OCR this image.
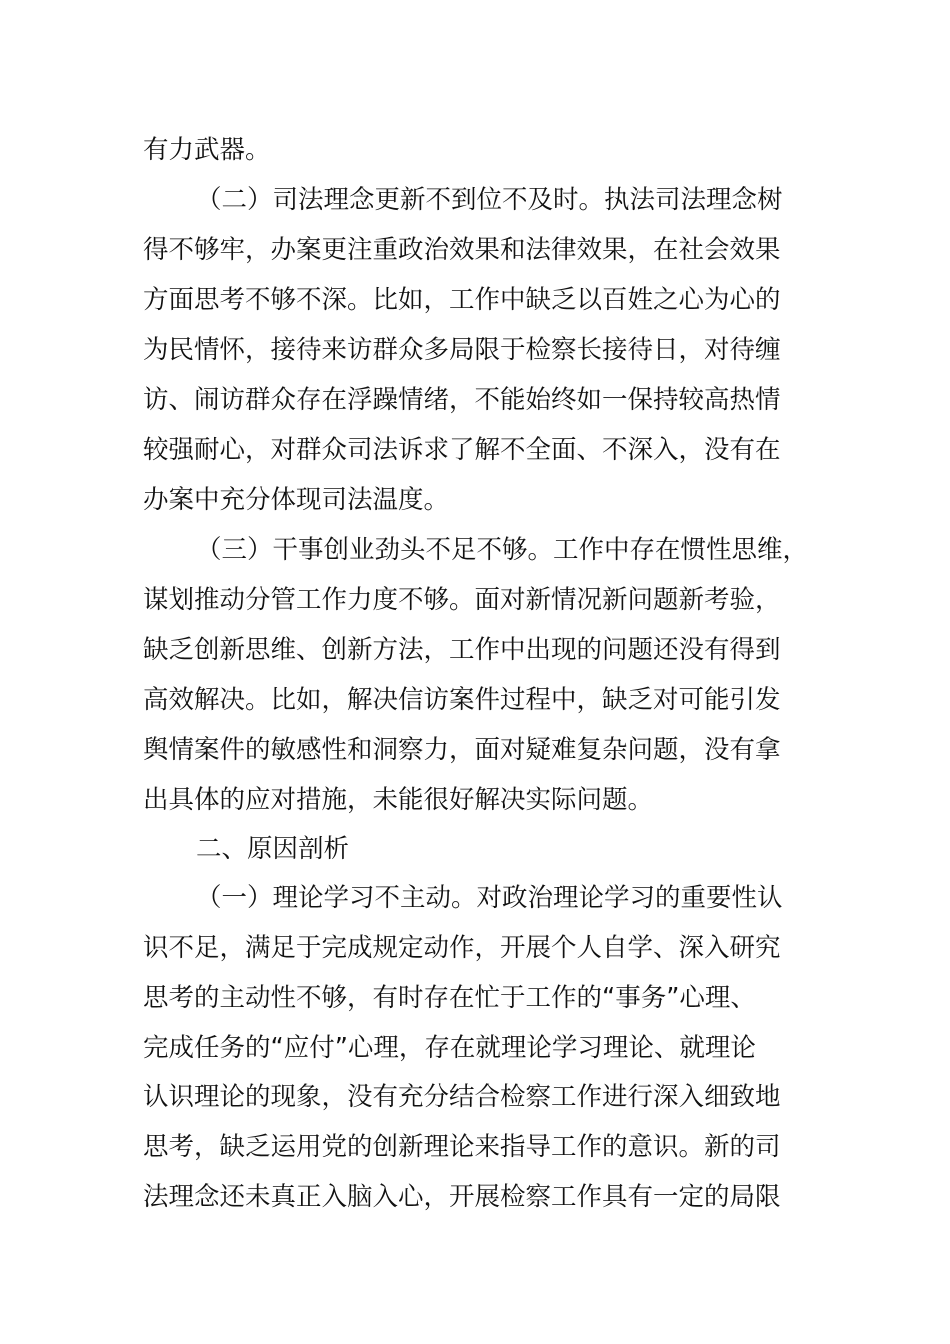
有力武器。
（二）司法理念更新不到位不及时。执法司法理念树
得不够牢，办案更注重政治效果和法律效果，在社会效果
方面思考不够不深。比如，工作中缺乏以百姓之心为心的
为民情怀，接待来访群众多局限于检察长接待日，对待缠
访、闹访群众存在浮躁情绪，不能始终如一保持较高热情
较强耐心，对群众司法诉求了解不全面、不深入，没有在
办案中充分体现司法温度。
（三）干事创业劲头不足不够。工作中存在惯性思维，
谋划推动分管工作力度不够。面对新情况新问题新考验，
缺乏创新思维、创新方法，工作中出现的问题还没有得到
高效解决。比如，解决信访案件过程中，缺乏对可能引发
舆情案件的敏感性和洞察力，面对疑难复杂问题，没有拿
出具体的应对措施，未能很好解决实际问题。
二、原因剖析
（一）理论学习不主动。对政治理论学习的重要性认
识不足，满足于完成规定动作，开展个人自学、深入研究
思考的主动性不够，有时存在忙于工作的“事务”心理、
完成任务的“应付”心理，存在就理论学习理论、就理论
认识理论的现象，没有充分结合检察工作进行深入细致地
思考，缺乏运用党的创新理论来指导工作的意识。新的司
法理念还未真正入脑入心，开展检察工作具有一定的局限
